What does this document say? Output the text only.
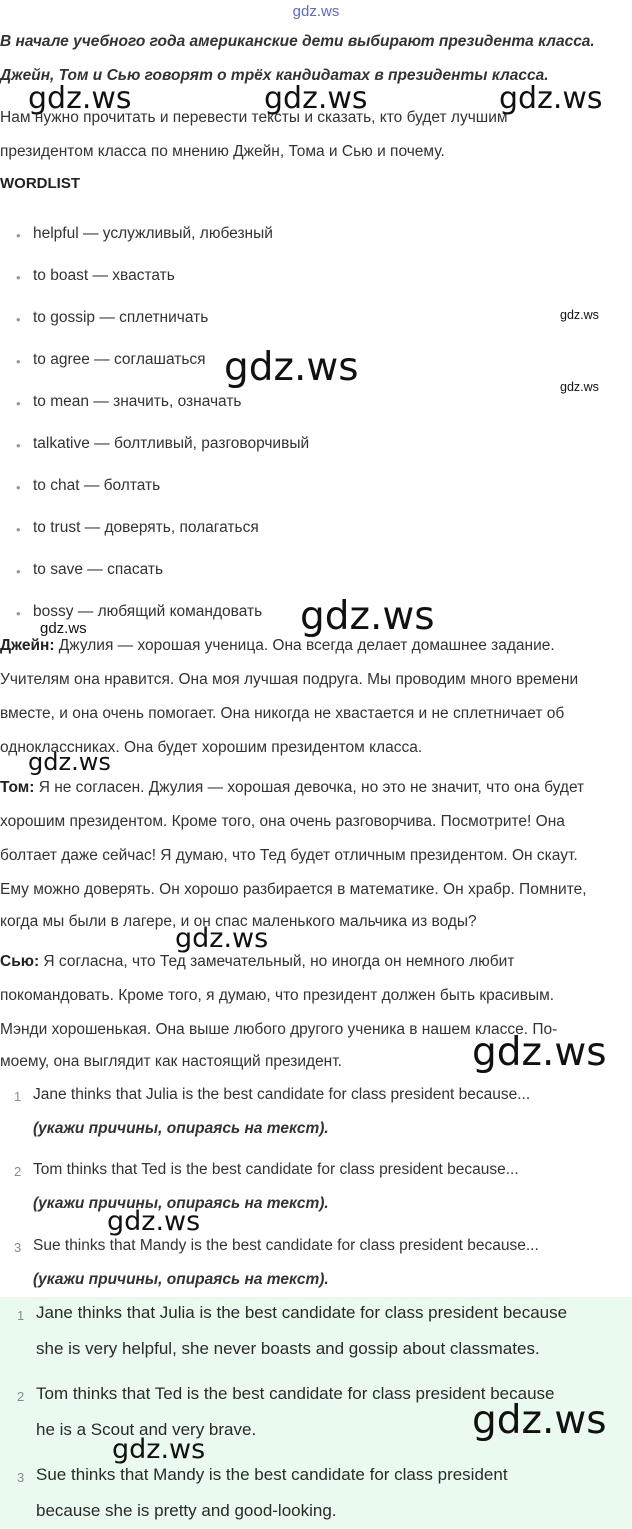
gdz.ws
В начале учебного года американские дети выбирают президента класса.
Джейн, Том и Сью говорят о трёх кандидатах в президенты класса.
Нам нужно прочитать и перевести тексты и сказать, кто будет лучшим
президентом класса по мнению Джейн, Тома и Сью и почему.
WORDLIST
• helpful — услужливый, любезный
• to boast — хвастать
• to gossip — сплетничать
• to agree — соглашаться
• to mean — значить, означать
• talkative — болтливый, разговорчивый
• to chat — болтать
• to trust — доверять, полагаться
• to save — спасать
• bossy — любящий командовать
Джейн: Джулия — хорошая ученица. Она всегда делает домашнее задание.
Учителям она нравится. Она моя лучшая подруга. Мы проводим много времени
вместе, и она очень помогает. Она никогда не хвастается и не сплетничает об
одноклассниках. Она будет хорошим президентом класса.
Том: Я не согласен. Джулия — хорошая девочка, но это не значит, что она будет
хорошим президентом. Кроме того, она очень разговорчива. Посмотрите! Она
болтает даже сейчас! Я думаю, что Тед будет отличным президентом. Он скаут.
Ему можно доверять. Он хорошо разбирается в математике. Он храбр. Помните,
когда мы были в лагере, и он спас маленького мальчика из воды?
Сью: Я согласна, что Тед замечательный, но иногда он немного любит
покомандовать. Кроме того, я думаю, что президент должен быть красивым.
Мэнди хорошенькая. Она выше любого другого ученика в нашем классе. По-
моему, она выглядит как настоящий президент.
1 Jane thinks that Julia is the best candidate for class president because...
(укажи причины, опираясь на текст).
2 Tom thinks that Ted is the best candidate for class president because...
(укажи причины, опираясь на текст).
3 Sue thinks that Mandy is the best candidate for class president because...
(укажи причины, опираясь на текст).
1 Jane thinks that Julia is the best candidate for class president because
she is very helpful, she never boasts and gossip about classmates.
2 Tom thinks that Ted is the best candidate for class president because
he is a Scout and very brave.
3 Sue thinks that Mandy is the best candidate for class president
because she is pretty and good-looking.
gdz.ws	gdz.ws	gdz.ws
gdz.ws
gdz.ws	gdz.ws
gdz.ws
gdz.ws
gdz.ws
gdz.ws
gdz.ws
gdz.ws
gdz.ws
gdz.ws
